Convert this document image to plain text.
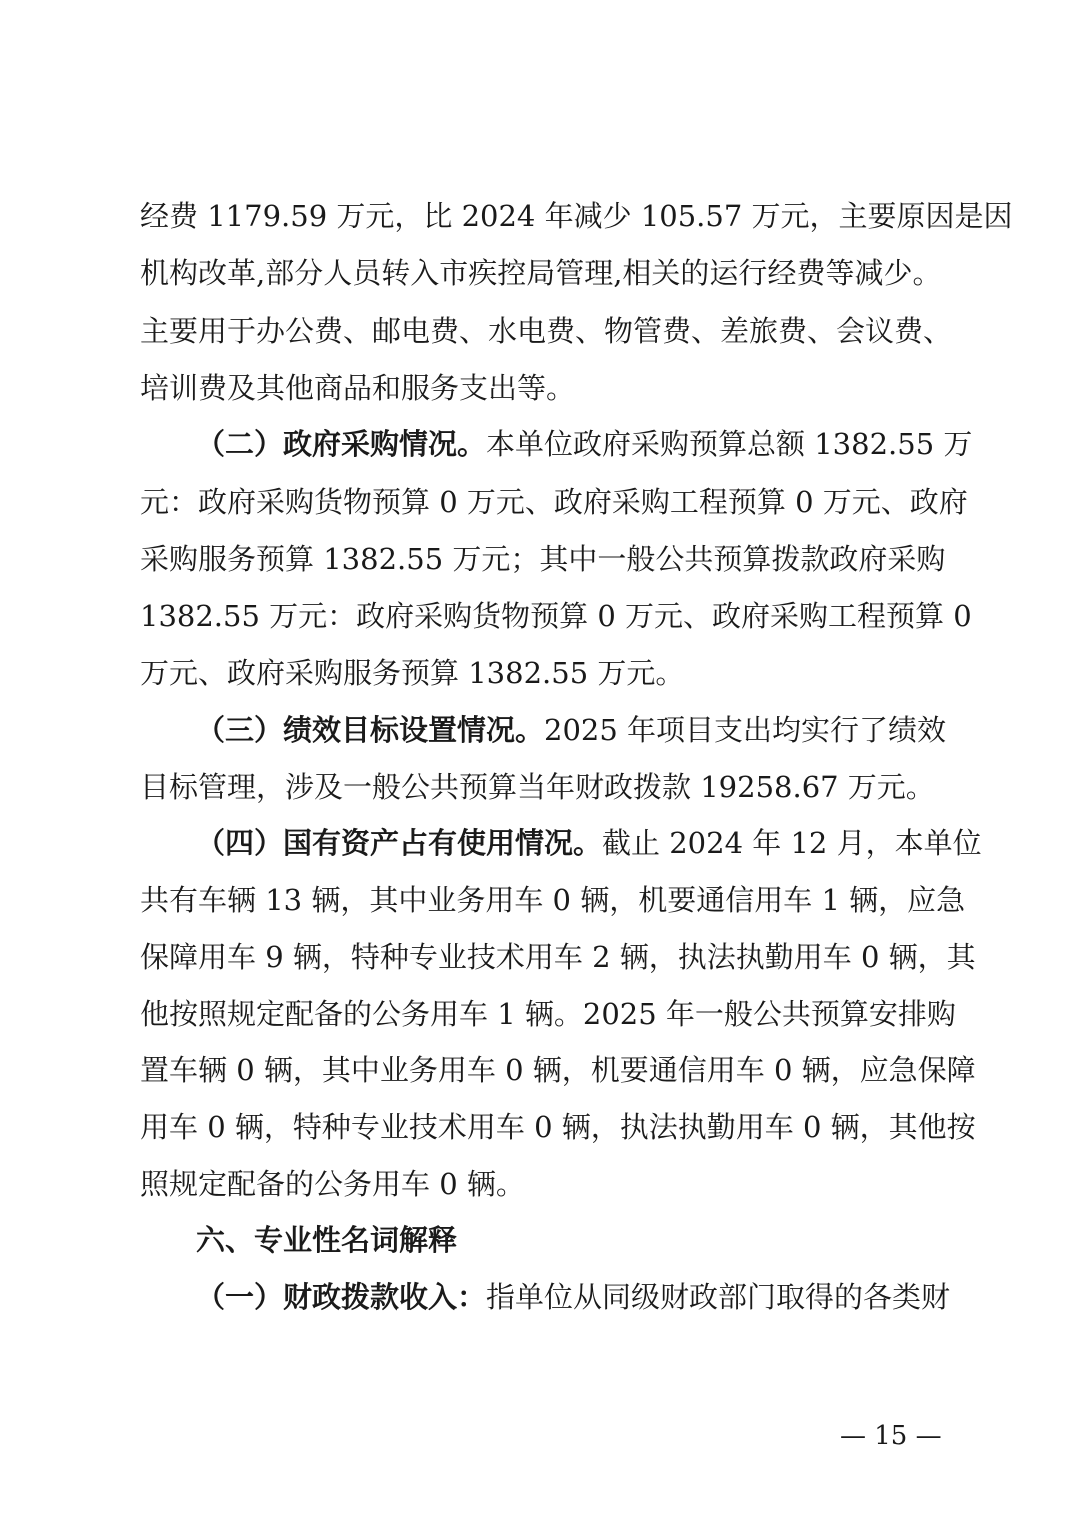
经费 1179.59 万元，比 2024 年减少 105.57 万元，主要原因是因
机构改革,部分人员转入市疾控局管理,相关的运行经费等减少。
主要用于办公费、邮电费、水电费、物管费、差旅费、会议费、
培训费及其他商品和服务支出等。
（二）政府采购情况。本单位政府采购预算总额 1382.55 万
元：政府采购货物预算 0 万元、政府采购工程预算 0 万元、政府
采购服务预算 1382.55 万元；其中一般公共预算拨款政府采购
1382.55 万元：政府采购货物预算 0 万元、政府采购工程预算 0
万元、政府采购服务预算 1382.55 万元。
（三）绩效目标设置情况。2025 年项目支出均实行了绩效
目标管理，涉及一般公共预算当年财政拨款 19258.67 万元。
（四）国有资产占有使用情况。截止 2024 年 12 月，本单位
共有车辆 13 辆，其中业务用车 0 辆，机要通信用车 1 辆，应急
保障用车 9 辆，特种专业技术用车 2 辆，执法执勤用车 0 辆，其
他按照规定配备的公务用车 1 辆。2025 年一般公共预算安排购
置车辆 0 辆，其中业务用车 0 辆，机要通信用车 0 辆，应急保障
用车 0 辆，特种专业技术用车 0 辆，执法执勤用车 0 辆，其他按
照规定配备的公务用车 0 辆。
六、专业性名词解释
（一）财政拨款收入：指单位从同级财政部门取得的各类财
— 15 —
